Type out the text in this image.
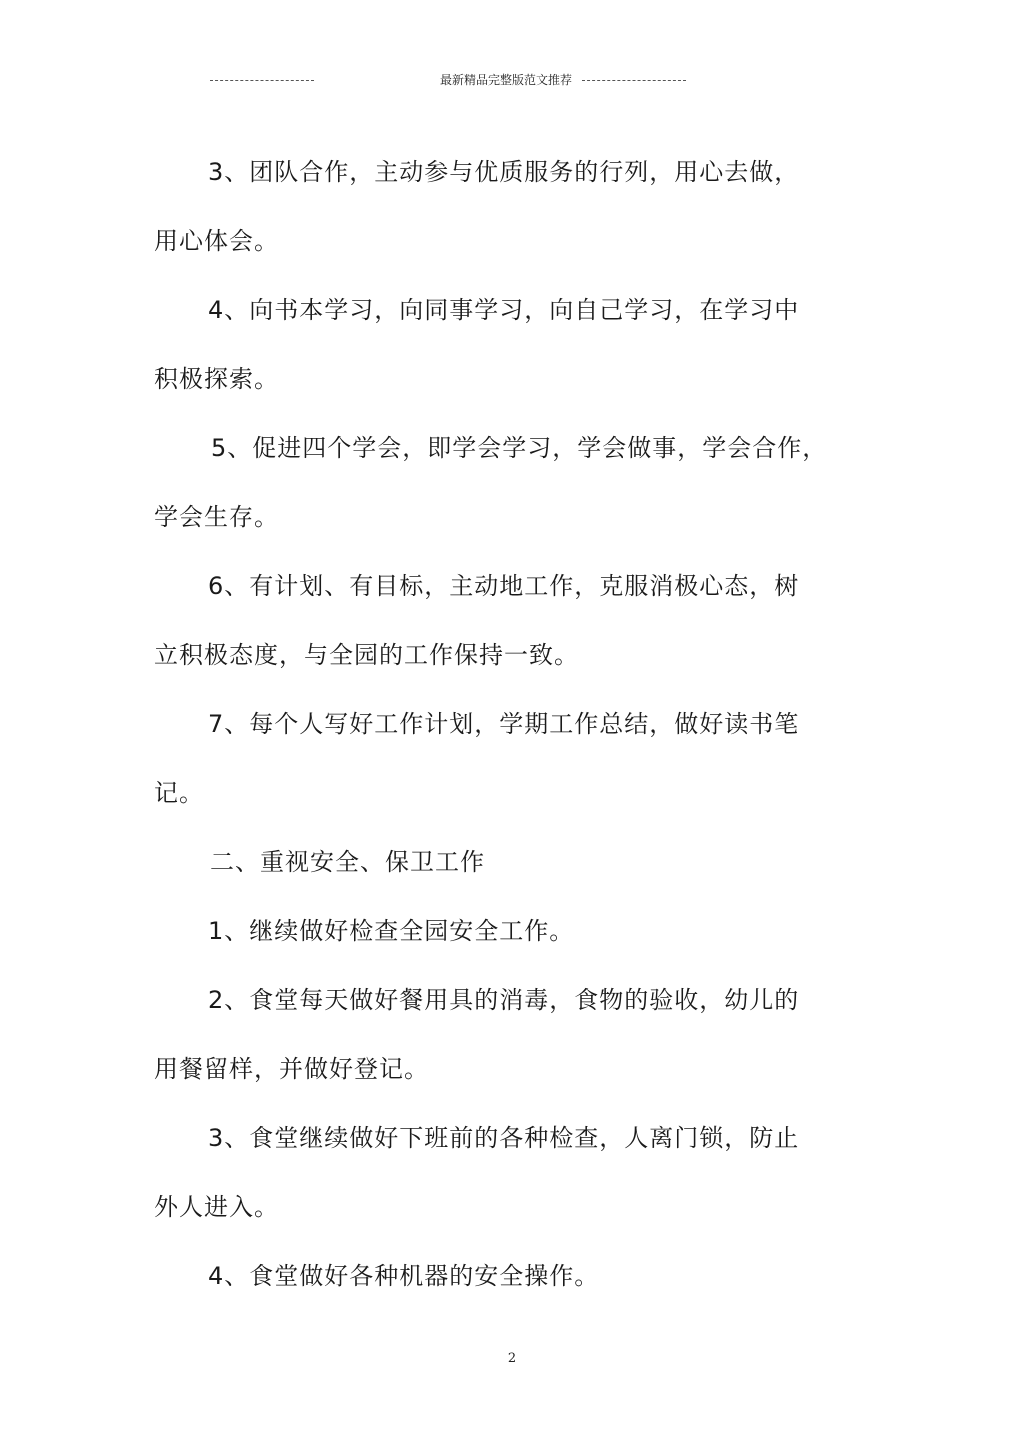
最新精品完整版范文推荐
3、团队合作，主动参与优质服务的行列，用心去做，
用心体会。
4、向书本学习，向同事学习，向自己学习，在学习中
积极探索。
5、促进四个学会，即学会学习，学会做事，学会合作，
学会生存。
6、有计划、有目标，主动地工作，克服消极心态，树
立积极态度，与全园的工作保持一致。
7、每个人写好工作计划，学期工作总结，做好读书笔
记。
二、重视安全、保卫工作
1、继续做好检查全园安全工作。
2、食堂每天做好餐用具的消毒，食物的验收，幼儿的
用餐留样，并做好登记。
3、食堂继续做好下班前的各种检查，人离门锁，防止
外人进入。
4、食堂做好各种机器的安全操作。
2
